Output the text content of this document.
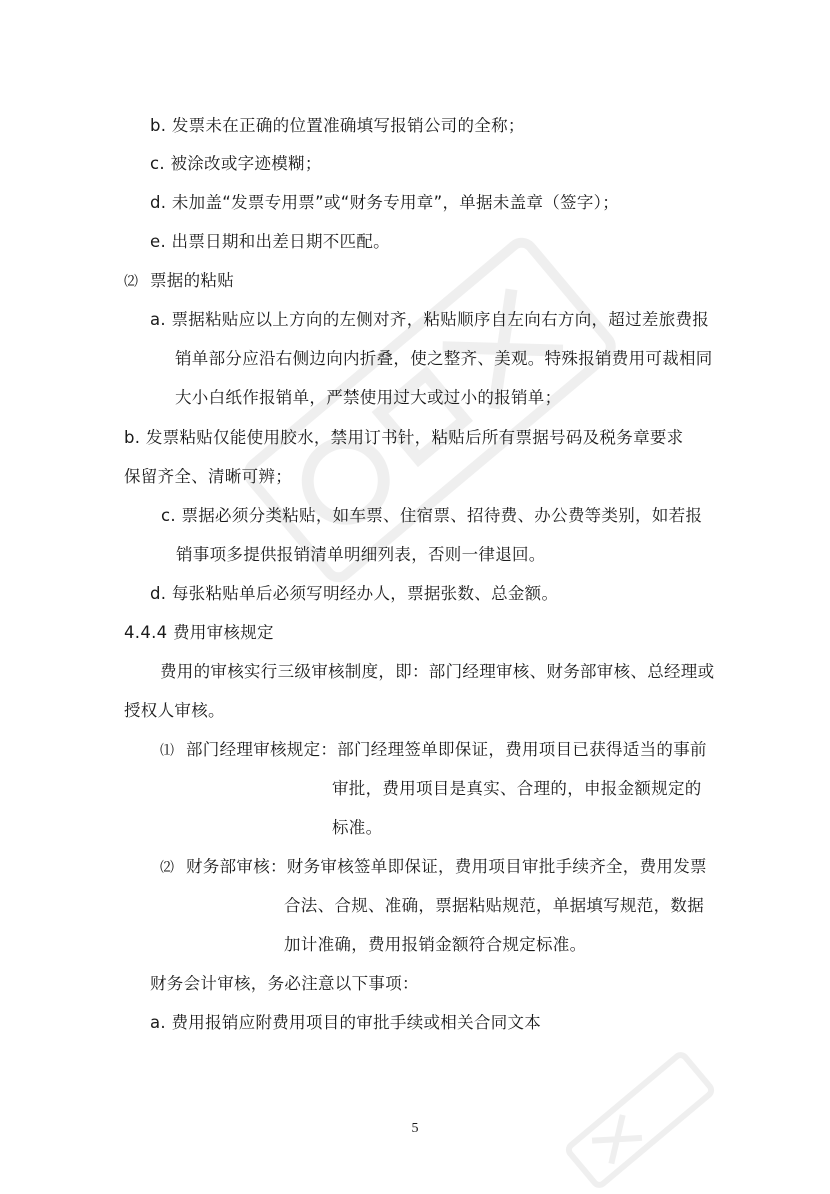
b. 发票未在正确的位置准确填写报销公司的全称；
c. 被涂改或字迹模糊；
d. 未加盖“发票专用票”或“财务专用章”，单据未盖章（签字）；
e. 出票日期和出差日期不匹配。
⑵ 票据的粘贴
a. 票据粘贴应以上方向的左侧对齐，粘贴顺序自左向右方向，超过差旅费报
销单部分应沿右侧边向内折叠，使之整齐、美观。特殊报销费用可裁相同
大小白纸作报销单，严禁使用过大或过小的报销单；
b. 发票粘贴仅能使用胶水，禁用订书针，粘贴后所有票据号码及税务章要求
保留齐全、清晰可辨；
c. 票据必须分类粘贴，如车票、住宿票、招待费、办公费等类别，如若报
销事项多提供报销清单明细列表，否则一律退回。
d. 每张粘贴单后必须写明经办人，票据张数、总金额。
4.4.4 费用审核规定
费用的审核实行三级审核制度，即：部门经理审核、财务部审核、总经理或
授权人审核。
⑴ 部门经理审核规定：部门经理签单即保证，费用项目已获得适当的事前
审批，费用项目是真实、合理的，申报金额规定的
标准。
⑵ 财务部审核：财务审核签单即保证，费用项目审批手续齐全，费用发票
合法、合规、准确，票据粘贴规范，单据填写规范，数据
加计准确，费用报销金额符合规定标准。
财务会计审核，务必注意以下事项：
a. 费用报销应附费用项目的审批手续或相关合同文本
5
